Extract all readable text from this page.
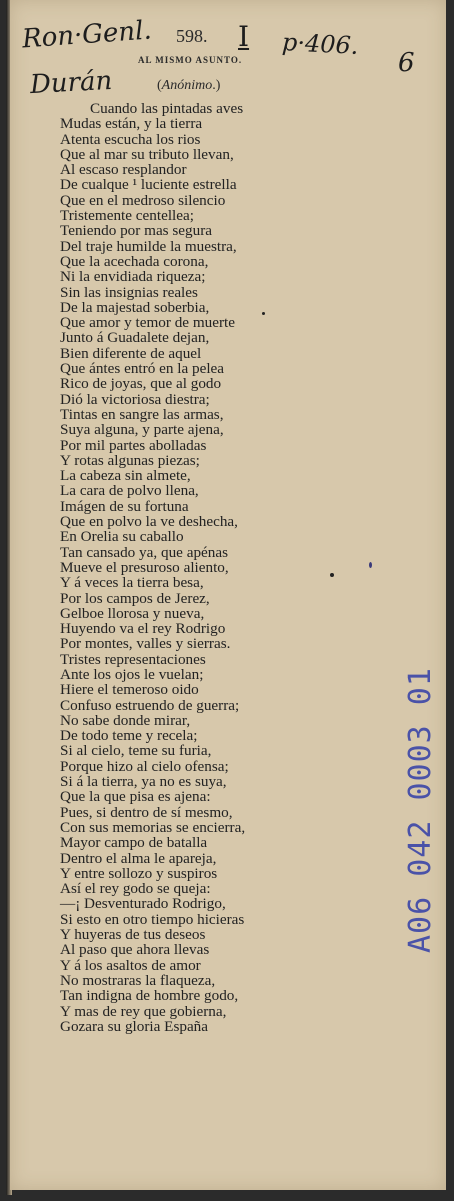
Ron·Genl.	I p·406.
6
Durán
598.
AL MISMO ASUNTO.
(Anónimo.)
Cuando las pintadas aves
Mudas están, y la tierra
Atenta escucha los rios
Que al mar su tributo llevan,
Al escaso resplandor
De cualque ¹ luciente estrella
Que en el medroso silencio
Tristemente centellea;
Teniendo por mas segura
Del traje humilde la muestra,
Que la acechada corona,
Ni la envidiada riqueza;
Sin las insignias reales
De la majestad soberbia,
Que amor y temor de muerte
Junto á Guadalete dejan,
Bien diferente de aquel
Que ántes entró en la pelea
Rico de joyas, que al godo
Dió la victoriosa diestra;
Tintas en sangre las armas,
Suya alguna, y parte ajena,
Por mil partes abolladas
Y rotas algunas piezas;
La cabeza sin almete,
La cara de polvo llena,
Imágen de su fortuna
Que en polvo la ve deshecha,
En Orelia su caballo
Tan cansado ya, que apénas
Mueve el presuroso aliento,
Y á veces la tierra besa,
Por los campos de Jerez,
Gelboe llorosa y nueva,
Huyendo va el rey Rodrigo
Por montes, valles y sierras.
Tristes representaciones
Ante los ojos le vuelan;
Hiere el temeroso oido
Confuso estruendo de guerra;
No sabe donde mirar,
De todo teme y recela;
Si al cielo, teme su furia,
Porque hizo al cielo ofensa;
Si á la tierra, ya no es suya,
Que la que pisa es ajena:
Pues, si dentro de sí mesmo,
Con sus memorias se encierra,
Mayor campo de batalla
Dentro el alma le apareja,
Y entre sollozo y suspiros
Así el rey godo se queja:
—¡ Desventurado Rodrigo,
Si esto en otro tiempo hicieras
Y huyeras de tus deseos
Al paso que ahora llevas
Y á los asaltos de amor
No mostraras la flaqueza,
Tan indigna de hombre godo,
Y mas de rey que gobierna,
Gozara su gloria España
A06 042 0003 01
